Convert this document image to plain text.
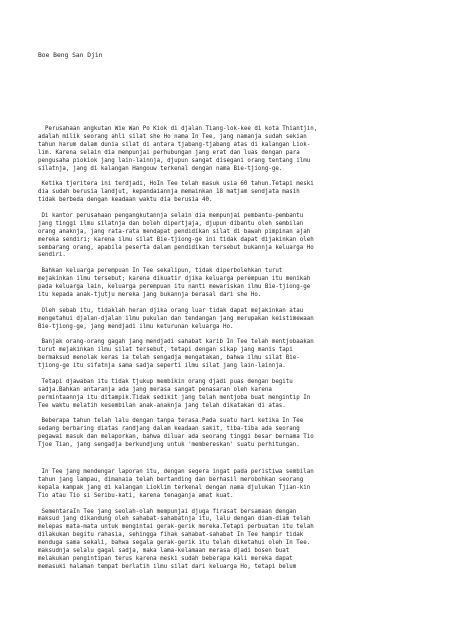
Boe Beng San Djin

Perusahaan angkutan Wie Wan Po Kiok di djalan Tiang-lok-kee di kota Thiantjin,
adalah milik seorang ahli silat she Ho nama In Tee, jang namanja sudah sekian
tahun harum dalam dunia silat di antara tjabang-tjabang atas di kalangan Liok-
lim. Karena selain dia mempunjai perhubungan jang erat dan luas dengan para
pengusaha piokiok jang lain-lainnja, djupun sangat disegani orang tentang ilmu
silatnja, jang di kalangan Hangouw terkenal dengan nama Bie-tjiong-ge.

Ketika tjeritera ini terdjadi, HoIn Tee telah masuk usia 60 tahun.Tetapi meski
dia sudah berusia landjut, kepandaiannja memainkan 18 matjam sendjata masih
tidak berbeda dengan keadaan waktu dia berusia 40.

Di kantor perusahaan pengangkutannja selain dia mempunjai pembantu-pembantu
jang tinggi ilmu silatnja dan boleh dipertjaja, djupun dibantu oleh sembilan
orang anaknja, jang rata-rata mendapat pendidikan silat di bawah pimpinan ajah
mereka sendiri; karena ilmu silat Bie-tjiong-ge ini tidak dapat dijakinkan oleh
sembarang orang, apabila peserta dalam pendidikan tersebut bukannja keluarga Ho
sendiri.

Bahkan keluarga perempuan In Tee sekalipun, tidak diperbolehkan turut
mejakinkan ilmu tersebut; karena dikuatir djika keluarga perempuan itu menikah
pada keluarga lain, keluarga perempuan itu nanti mewariskan ilmu Bie-tjiong-ge
itu kepada anak-tjutju mereka jang bukannja berasal dari she Ho.

Oleh sebab itu, tidaklah heran djika orang luar tidak dapat mejakinkan atau
mengetahui djalan-djalan ilmu pukulan dan tendangan jang merupakan keistimewaan
Bie-tjiong-ge, jang mendjadi ilmu keturunan keluarga Ho.

Banjak orang-orang gagah jang mendjadi sahabat karib In Tee telah mentjobaakan
turut mejakinkan ilmu silat tersebut, tetapi dengan sikap jang manis tapi
bermaksud menolak keras ia telah sengadja mengatakan, bahwa ilmu silat Bie-
tjiong-ge itu sifatnja sama sadja seperti ilmu silat jang lain-lainnja.

Tetapi djawaban itu tidak tjukup membikin orang djadi puas dengan begitu
sadja.Bahkan antaranja ada jang merasa sangat penasaran oleh karena
permintaannja itu ditampik.Tidak sedikit jang telah mentjoba buat mengintip In
Tee waktu melatih kesembilan anak-anaknja jang telah dikatakan di atas.

Beberapa tahun telah lalu dengan tanpa terasa.Pada suatu hari ketika In Tee
sedang berbaring diatas randjang dalam keadaan sakit, tiba-tiba ada seorang
pegawai masuk dan melaporkan, bahwa diluar ada seorang tinggi besar bernama Tio
Tjoe Tian, jang sengadja berkundjung untuk 'membereskan' suatu perhitungan.

In Tee jang mendengar laporan itu, dengan segera ingat pada peristiwa sembilan
tahun jang lampau, dimanaia telah bertanding dan berhasil merobohkan seorang
kepala kampak jang di kalangan Lioklim terkenal dengan nama djulukan Tjian-kin
Tio atau Tio si Seribu-kati, karena tenaganja amat kuat.

SementaraIn Tee jang seolah-olah mempunjai djuga firasat bersamaan dengan
maksud jang dikandung oleh sahabat-sahabatnja itu, lalu dengan diam-diam telah
melepas mata-mata untuk mengintai gerak-gerik mereka.Tetapi perbuatan itu telah
dilakukan begitu rahasia, sehingga fihak sahabat-sahabat In Tee hampir tidak
menduga sama sekali, bahwa segala gerak-gerik itu telah diketahui oleh In Tee.
maksudnja selalu gagal sadja, maka lama-kelamaan merasa djadi bosen buat
melakukan pengintipan terus karena meski sudah beberapa kali mereka dapat
memasuki halaman tempat berlatih ilmu silat dari keluarga Ho, tetapi belum
